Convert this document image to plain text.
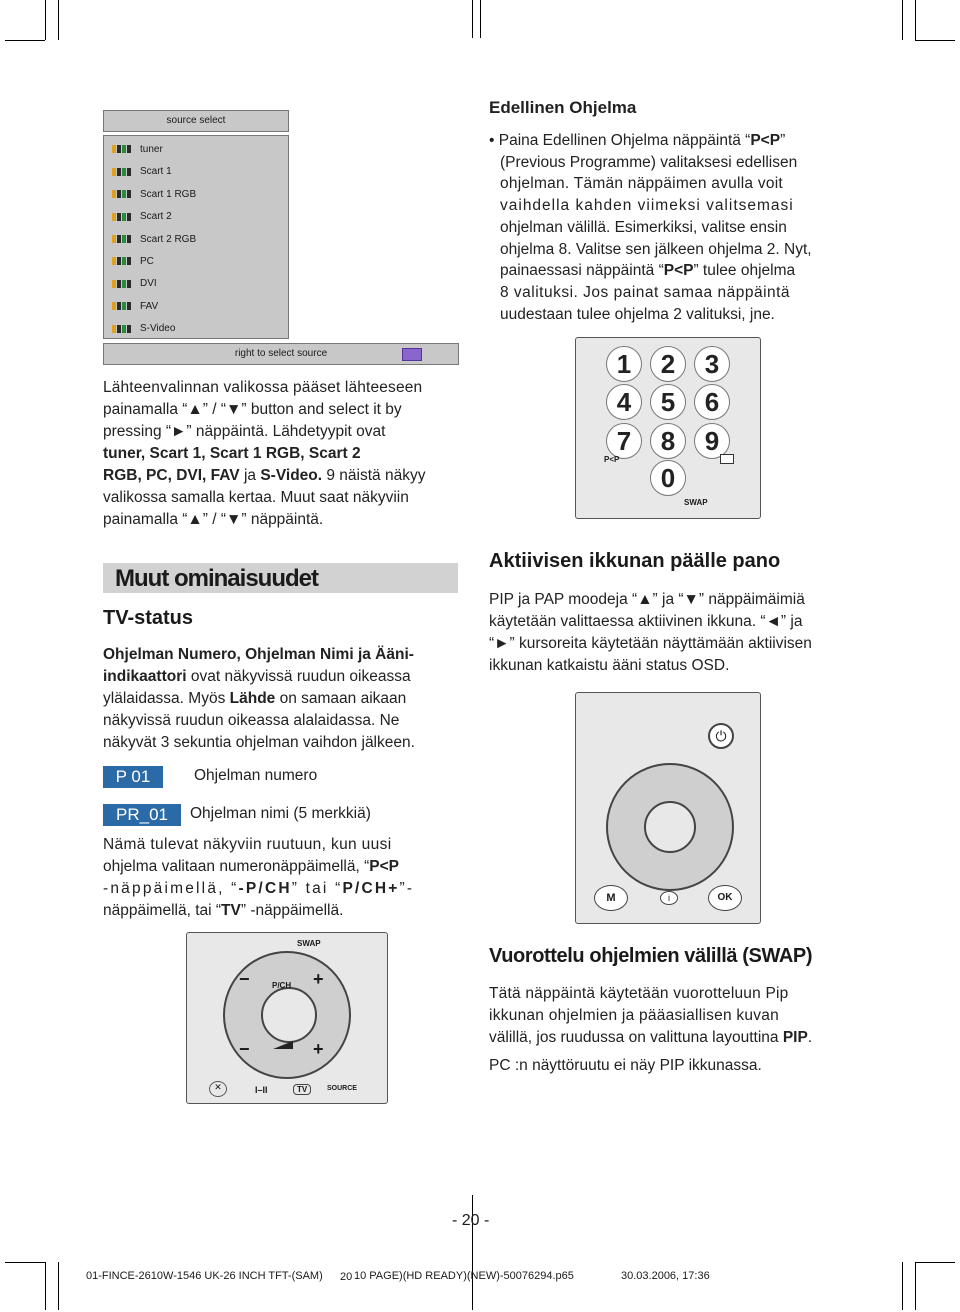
source select
tuner
Scart 1
Scart 1 RGB
Scart 2
Scart 2 RGB
PC
DVI
FAV
S-Video
right to select source
Lähteenvalinnan valikossa pääset lähteeseen
painamalla “▲” / “▼” button and select it by
pressing “►” näppäintä. Lähdetyypit ovat
tuner, Scart 1, Scart 1 RGB, Scart 2
RGB, PC, DVI, FAV ja S-Video. 9 näistä näkyy
valikossa samalla kertaa. Muut saat näkyviin
painamalla “▲” / “▼” näppäintä.
Muut ominaisuudet
TV-status
Ohjelman Numero, Ohjelman Nimi ja Ääni-
indikaattori ovat näkyvissä ruudun oikeassa
ylälaidassa. Myös Lähde on samaan aikaan
näkyvissä ruudun oikeassa alalaidassa. Ne
näkyvät 3 sekuntia ohjelman vaihdon jälkeen.
P 01	Ohjelman numero
PR_01	Ohjelman nimi (5 merkkiä)
Nämä tulevat näkyviin ruutuun, kun uusi
ohjelma valitaan numeronäppäimellä, “P<P
-näppäimellä, “-P/CH” tai “P/CH+”-
näppäimellä, tai “TV” -näppäimellä.
SWAP
P/CH
−	+
−	+
✕	I–II	TV	SOURCE
Edellinen Ohjelma
• Paina Edellinen Ohjelma näppäintä “P<P”
(Previous Programme) valitaksesi edellisen
ohjelman. Tämän näppäimen avulla voit
vaihdella kahden viimeksi valitsemasi
ohjelman välillä. Esimerkiksi, valitse ensin
ohjelma 8. Valitse sen jälkeen ohjelma 2. Nyt,
painaessasi näppäintä “P<P” tulee ohjelma
8 valituksi. Jos painat samaa näppäintä
uudestaan tulee ohjelma 2 valituksi, jne.
1	2	3
4	5	6
7	8	9
0
P<P
SWAP
Aktiivisen ikkunan päälle pano
PIP ja PAP moodeja “▲” ja “▼” näppäimäimiä
käytetään valittaessa aktiivinen ikkuna. “◄” ja
“►” kursoreita käytetään näyttämään aktiivisen
ikkunan katkaistu ääni status OSD.
⏻
M	i	OK
Vuorottelu ohjelmien välillä (SWAP)
Tätä näppäintä käytetään vuorotteluun Pip
ikkunan ohjelmien ja pääasiallisen kuvan
välillä, jos ruudussa on valittuna layouttina PIP.
PC :n näyttöruutu ei näy PIP ikkunassa.
- 20 -
01-FINCE-2610W-1546 UK-26 INCH TFT-(SAM) 20 10 PAGE)(HD READY)(NEW)-50076294.p65	30.03.2006, 17:36
